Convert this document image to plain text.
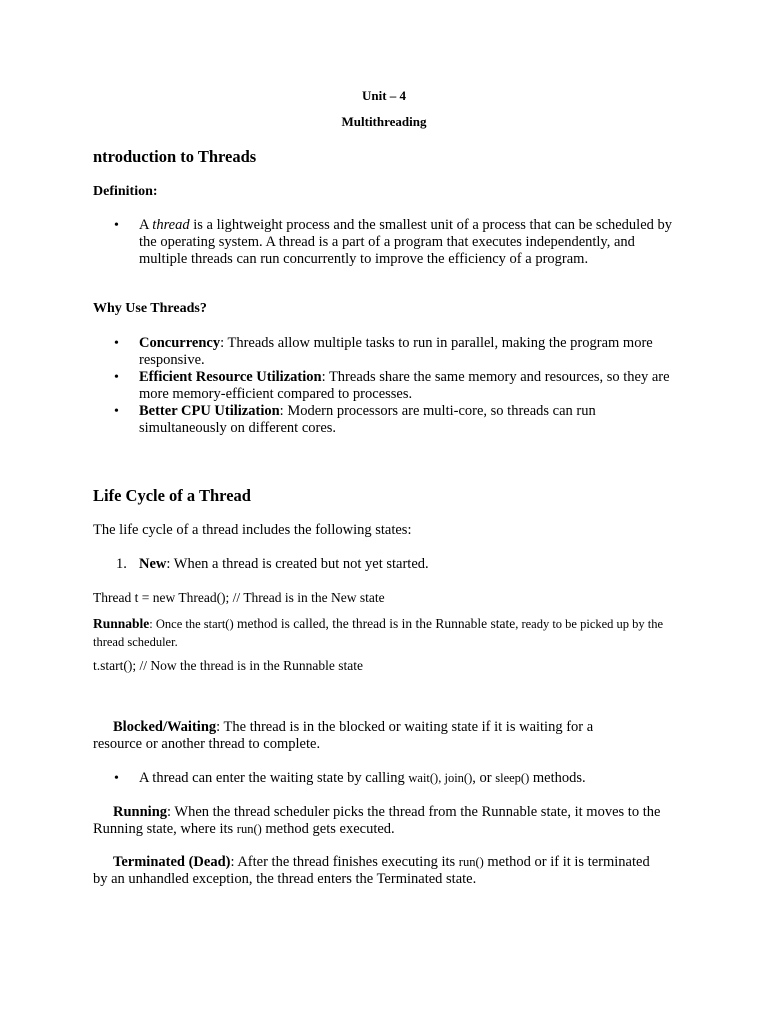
Unit – 4
Multithreading
ntroduction to Threads
Definition:
• A thread is a lightweight process and the smallest unit of a process that can be scheduled by the operating system. A thread is a part of a program that executes independently, and multiple threads can run concurrently to improve the efficiency of a program.
Why Use Threads?
• Concurrency: Threads allow multiple tasks to run in parallel, making the program more responsive.
• Efficient Resource Utilization: Threads share the same memory and resources, so they are more memory-efficient compared to processes.
• Better CPU Utilization: Modern processors are multi-core, so threads can run simultaneously on different cores.
Life Cycle of a Thread
The life cycle of a thread includes the following states:
1. New: When a thread is created but not yet started.
Thread t = new Thread(); // Thread is in the New state
Runnable: Once the start() method is called, the thread is in the Runnable state, ready to be picked up by the thread scheduler.
t.start(); // Now the thread is in the Runnable state
Blocked/Waiting: The thread is in the blocked or waiting state if it is waiting for a resource or another thread to complete.
• A thread can enter the waiting state by calling wait(), join(), or sleep() methods.
Running: When the thread scheduler picks the thread from the Runnable state, it moves to the Running state, where its run() method gets executed.
Terminated (Dead): After the thread finishes executing its run() method or if it is terminated by an unhandled exception, the thread enters the Terminated state.
